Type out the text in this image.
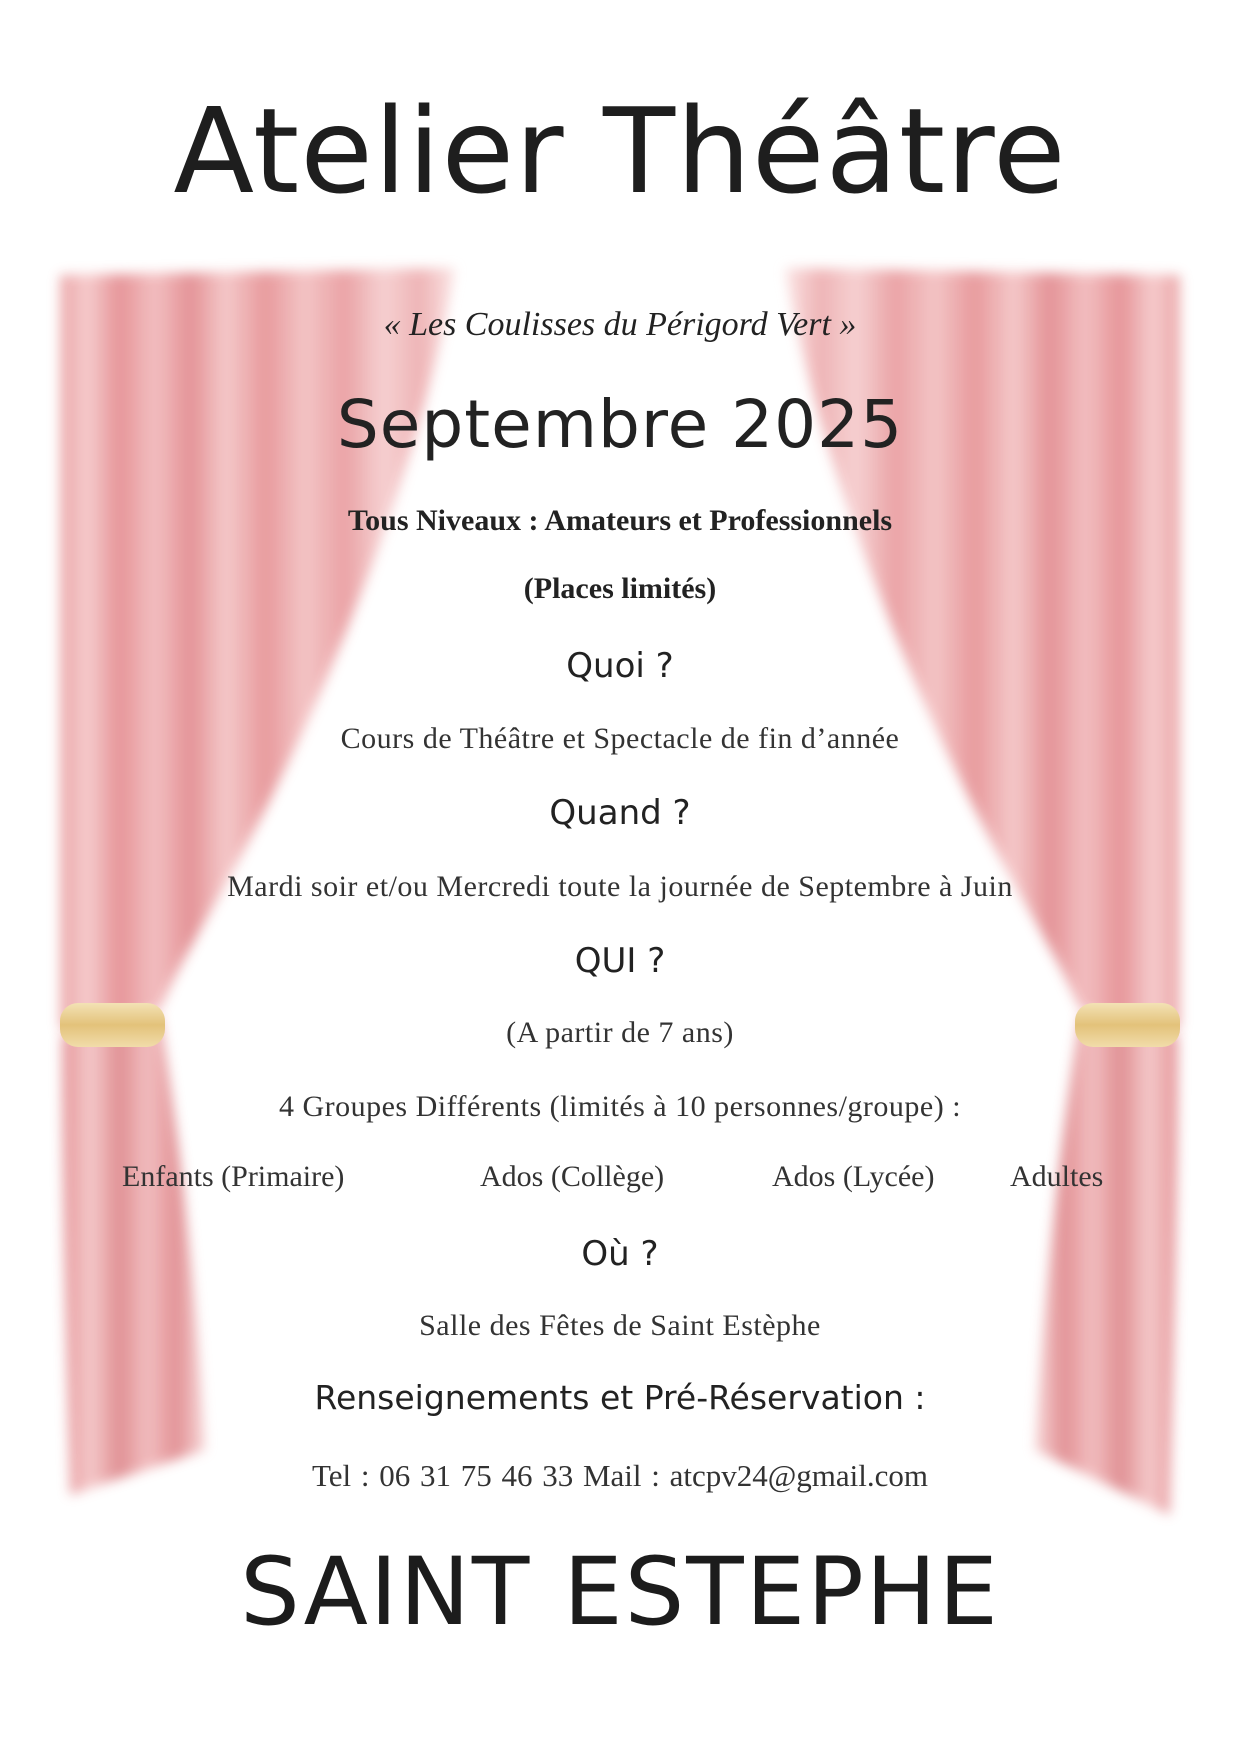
Atelier Théâtre

« Les Coulisses du Périgord Vert »

Septembre 2025

Tous Niveaux : Amateurs et Professionnels

(Places limités)

Quoi ?

Cours de Théâtre et Spectacle de fin d’année

Quand ?

Mardi soir et/ou Mercredi toute la journée de Septembre à Juin

QUI ?

(A partir de 7 ans)

4 Groupes Différents (limités à 10 personnes/groupe) :

Enfants (Primaire)	Ados (Collège)	Ados (Lycée)	Adultes

Où ?

Salle des Fêtes de Saint Estèphe

Renseignements et Pré-Réservation :

Tel : 06 31 75 46 33 Mail : atcpv24@gmail.com

SAINT ESTEPHE
